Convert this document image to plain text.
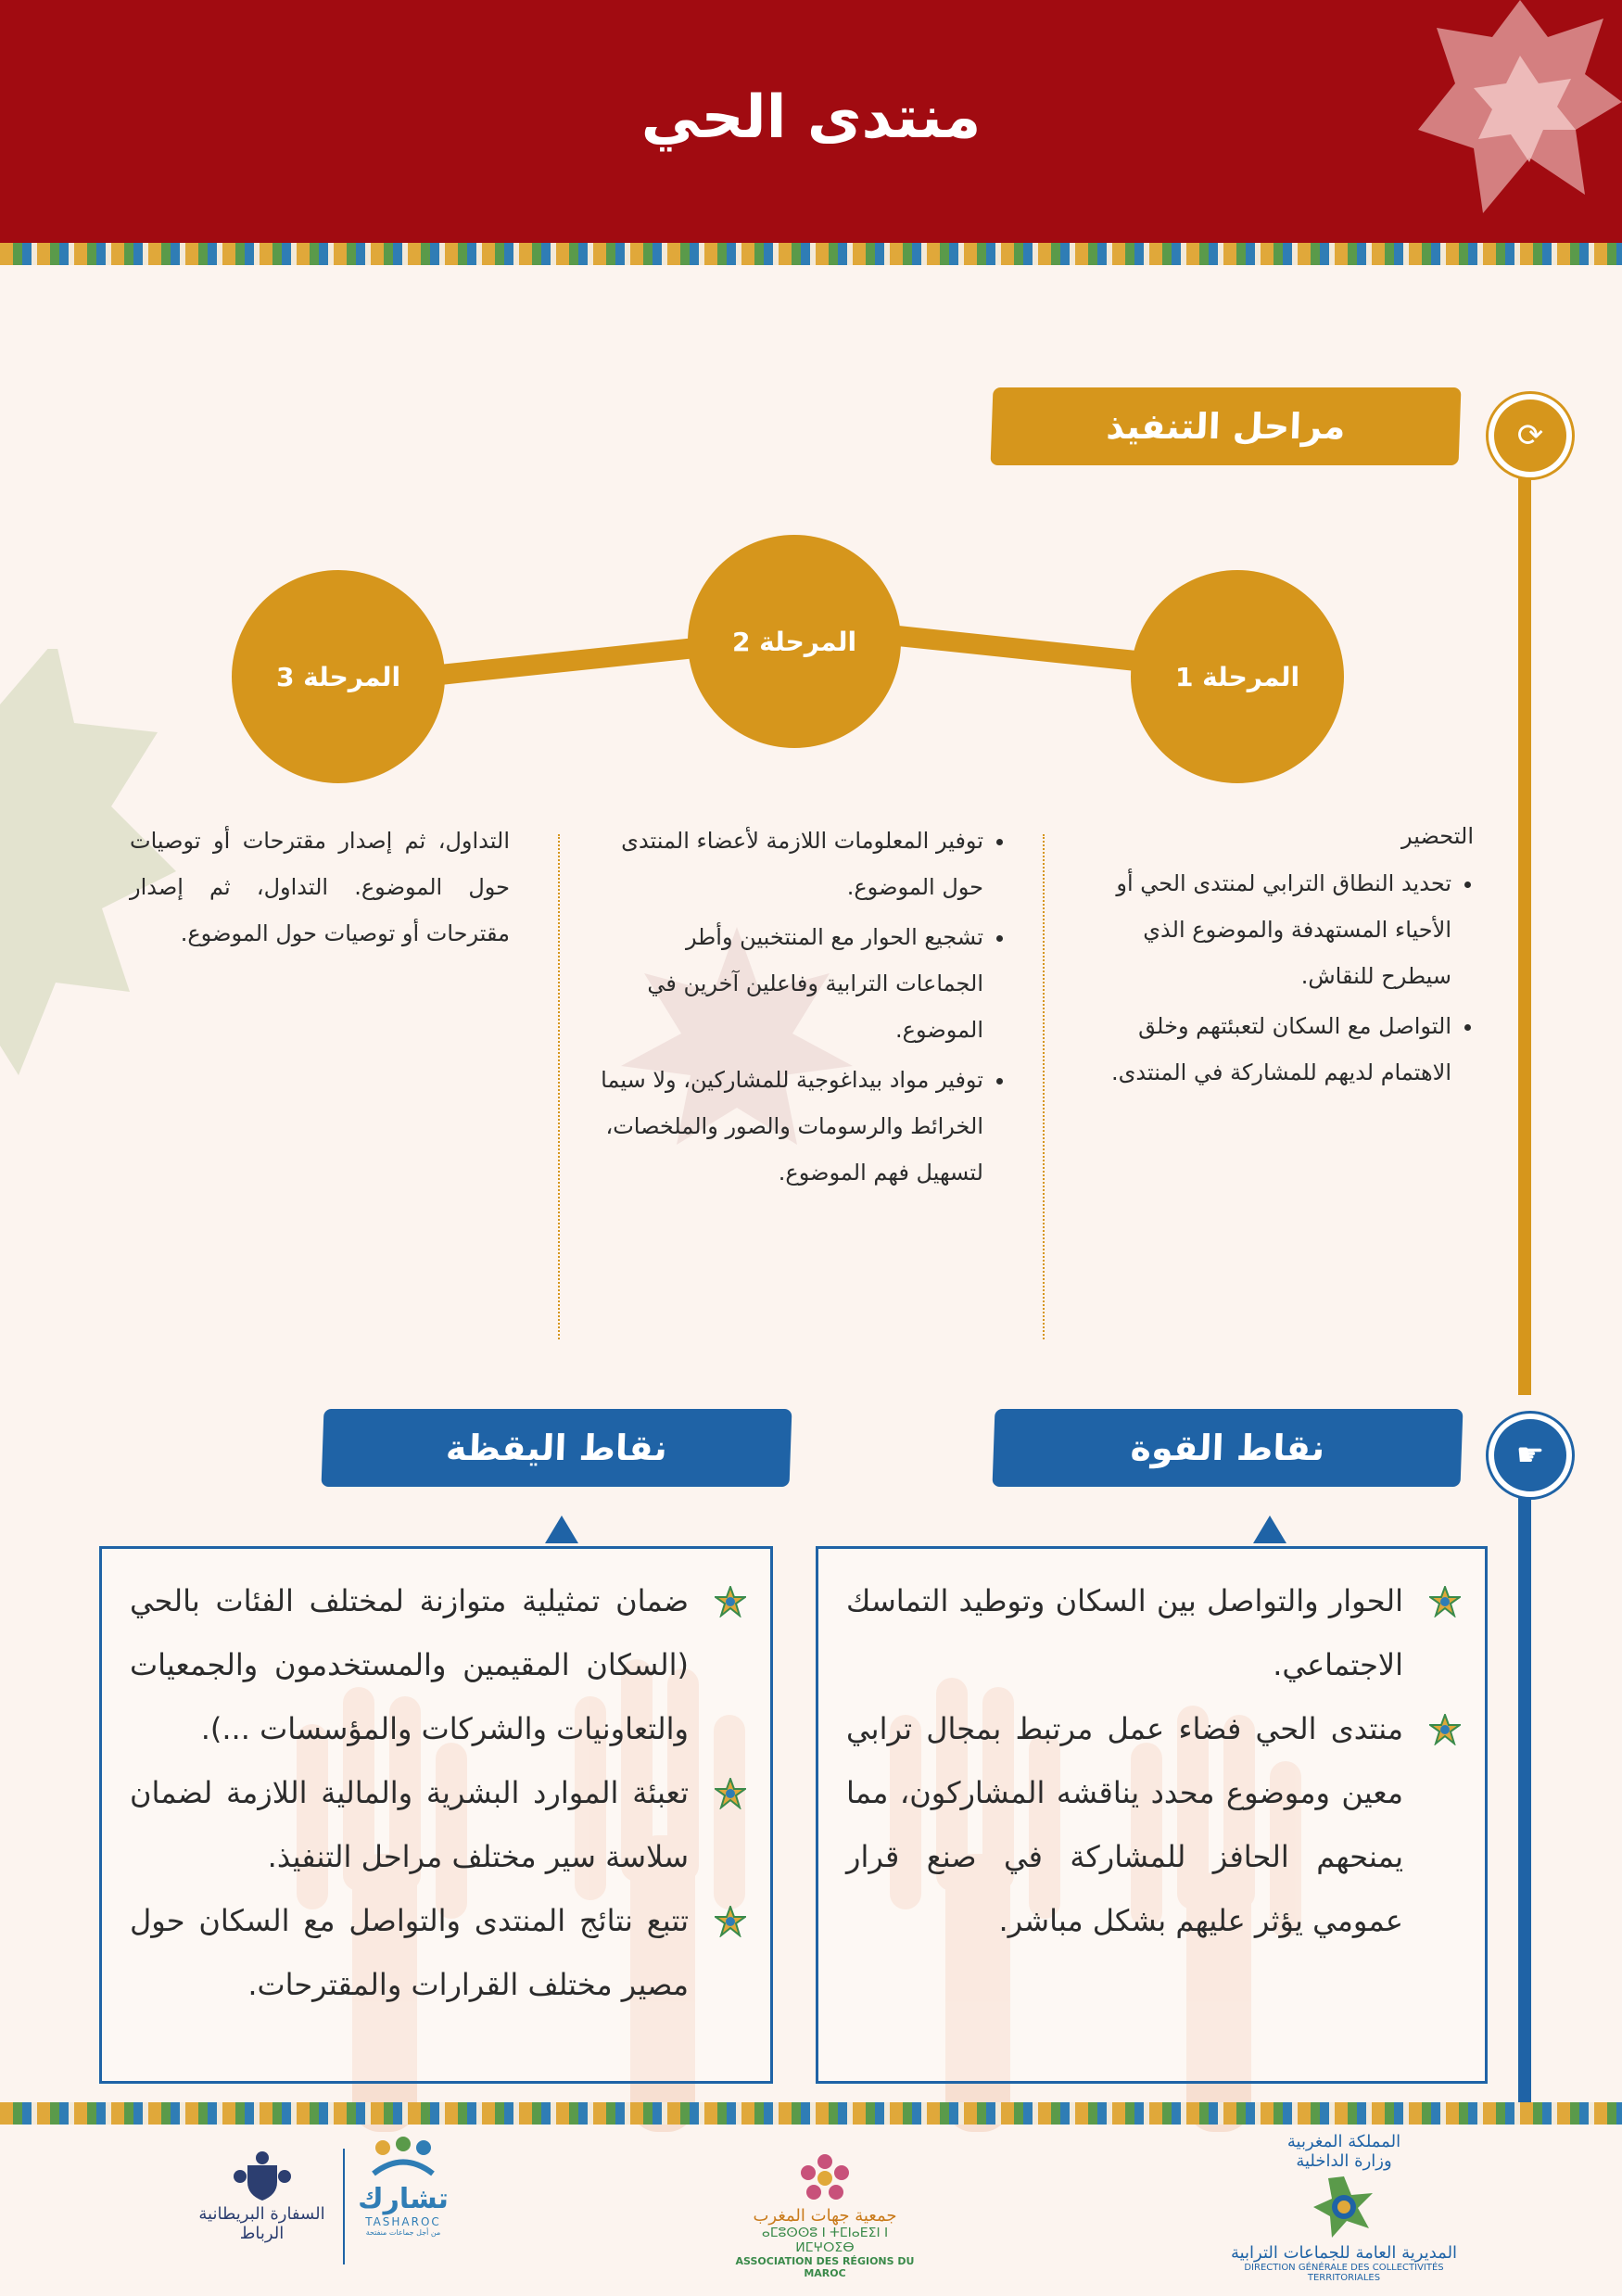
منتدى الحي
⟳
☛
مراحل التنفيذ
المرحلة 1
المرحلة 2
المرحلة 3
التحضير
• تحديد النطاق الترابي لمنتدى الحي أو الأحياء المستهدفة والموضوع الذي سيطرح للنقاش.
• التواصل مع السكان لتعبئتهم وخلق الاهتمام لديهم للمشاركة في المنتدى.
• توفير المعلومات اللازمة لأعضاء المنتدى حول الموضوع.
• تشجيع الحوار مع المنتخبين وأطر الجماعات الترابية وفاعلين آخرين في الموضوع.
• توفير مواد بيداغوجية للمشاركين، ولا سيما الخرائط والرسومات والصور والملخصات، لتسهيل فهم الموضوع.
التداول، ثم إصدار مقترحات أو توصيات حول الموضوع. التداول، ثم إصدار مقترحات أو توصيات حول الموضوع.
نقاط القوة
نقاط اليقظة
الحوار والتواصل بين السكان وتوطيد التماسك الاجتماعي.
منتدى الحي فضاء عمل مرتبط بمجال ترابي معين وموضوع محدد يناقشه المشاركون، مما يمنحهم الحافز للمشاركة في صنع قرار عمومي يؤثر عليهم بشكل مباشر.
ضمان تمثيلية متوازنة لمختلف الفئات بالحي (السكان المقيمين والمستخدمون والجمعيات والتعاونيات والشركات والمؤسسات ...).
تعبئة الموارد البشرية والمالية اللازمة لضمان سلاسة سير مختلف مراحل التنفيذ.
تتبع نتائج المنتدى والتواصل مع السكان حول مصير مختلف القرارات والمقترحات.
المملكة المغربية
وزارة الداخلية
المديرية العامة للجماعات الترابية
DIRECTION GÉNÉRALE DES COLLECTIVITÉS TERRITORIALES
جمعية جهات المغرب
ⴰⵎⵓⵙⵙⵓ ⵏ ⵜⵎⵏⴰⴹⵉⵏ ⵏ ⵍⵎⵖⵔⵉⴱ
ASSOCIATION DES RÉGIONS DU MAROC
تشارك
TASHAROC
من أجل جماعات منفتحة
السفارة البريطانية
الرباط
